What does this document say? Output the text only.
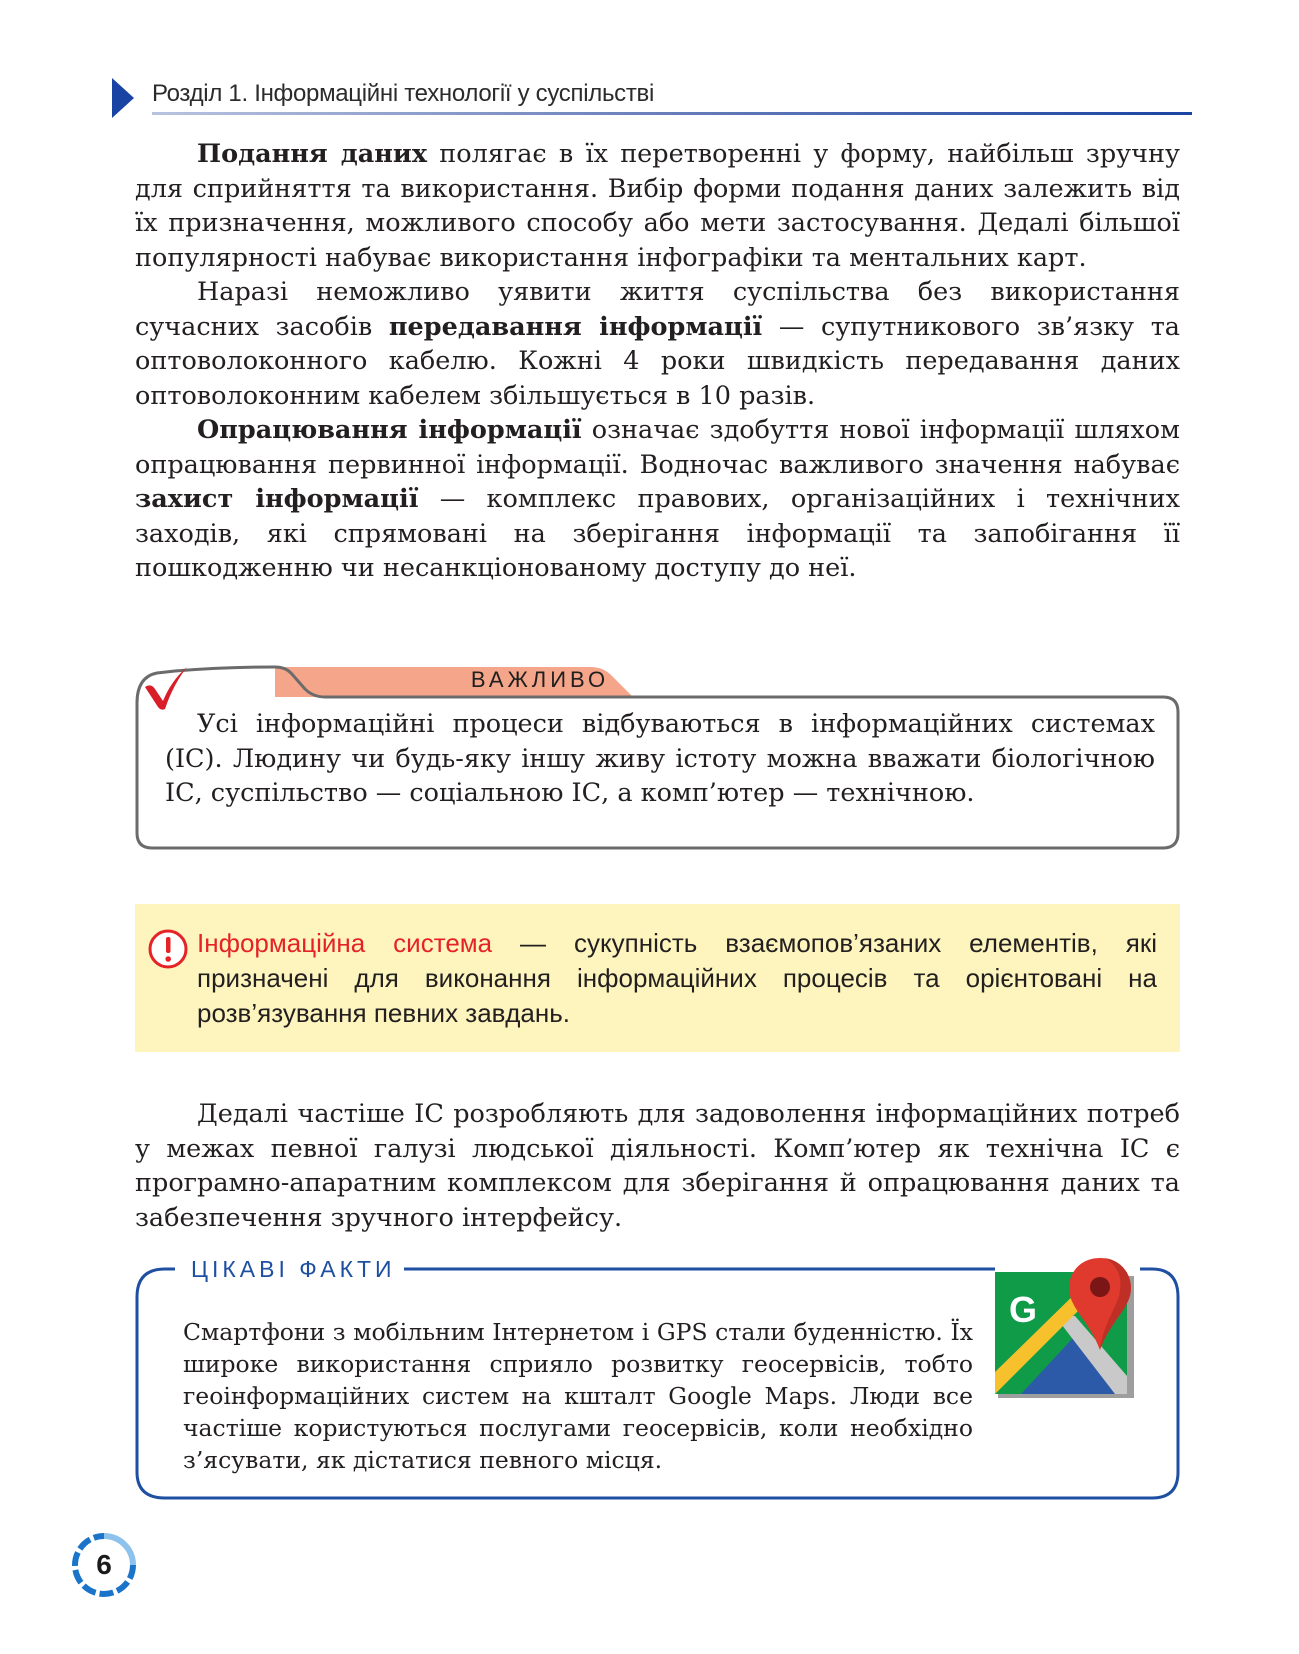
Розділ 1. Інформаційні технології у суспільстві

Подання даних полягає в їх перетворенні у форму, найбільш зручну для сприйняття та використання. Вибір форми подання даних залежить від їх призначення, можливого способу або мети застосування. Дедалі більшої популярності набуває використання інфографіки та ментальних карт.

Наразі неможливо уявити життя суспільства без використання сучасних засобів передавання інформації — супутникового зв’язку та оптоволоконного кабелю. Кожні 4 роки швидкість передавання даних оптоволоконним кабелем збільшується в 10 разів.

Опрацювання інформації означає здобуття нової інформації шляхом опрацювання первинної інформації. Водночас важливого значення набуває захист інформації — комплекс правових, організаційних і технічних заходів, які спрямовані на зберігання інформації та запобігання її пошкодженню чи несанкціонованому доступу до неї.

ВАЖЛИВО
Усі інформаційні процеси відбуваються в інформаційних системах (ІС). Людину чи будь-яку іншу живу істоту можна вважати біологічною ІС, суспільство — соціальною ІС, а комп’ютер — технічною.
Інформаційна система — сукупність взаємопов’язаних елементів, які призначені для виконання інформаційних процесів та орієнтовані на розв’язування певних завдань.

Дедалі частіше ІС розробляють для задоволення інформаційних потреб у межах певної галузі людської діяльності. Комп’ютер як технічна ІС є програмно-апаратним комплексом для зберігання й опрацювання даних та забезпечення зручного інтерфейсу.

ЦІКАВІ ФАКТИ
Смартфони з мобільним Інтернетом і GPS стали буденністю. Їх широке використання сприяло розвитку геосервісів, тобто геоінформаційних систем на кштaлт Google Maps. Люди все частіше користуються послугами геосервісів, коли необхідно з’ясувати, як дістатися певного місця.
G
6
